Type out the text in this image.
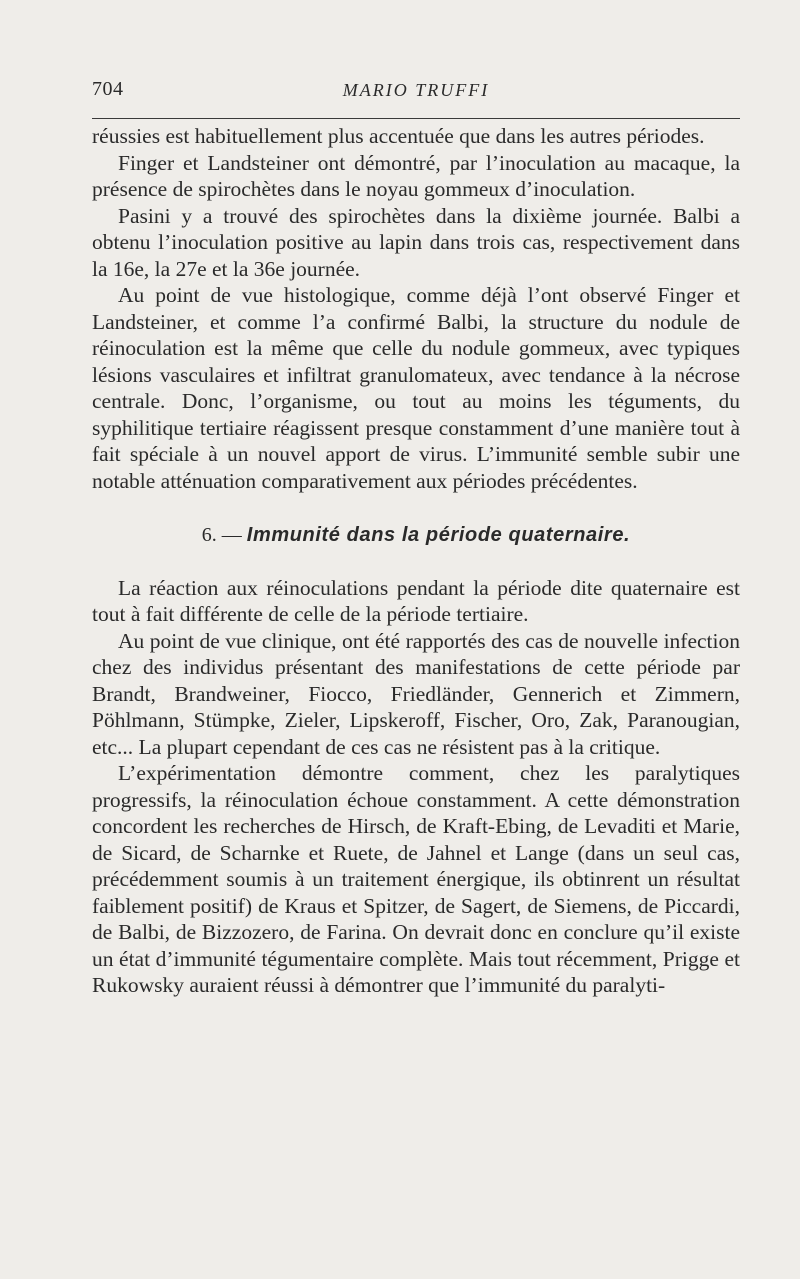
704	MARIO TRUFFI

réussies est habituellement plus accentuée que dans les autres périodes.

Finger et Landsteiner ont démontré, par l’inoculation au macaque, la présence de spirochètes dans le noyau gommeux d’inoculation.

Pasini y a trouvé des spirochètes dans la dixième journée. Balbi a obtenu l’inoculation positive au lapin dans trois cas, respectivement dans la 16e, la 27e et la 36e journée.

Au point de vue histologique, comme déjà l’ont observé Finger et Landsteiner, et comme l’a confirmé Balbi, la structure du nodule de réinoculation est la même que celle du nodule gommeux, avec typiques lésions vasculaires et infiltrat granulomateux, avec tendance à la nécrose centrale. Donc, l’organisme, ou tout au moins les téguments, du syphilitique tertiaire réagissent presque constamment d’une manière tout à fait spéciale à un nouvel apport de virus. L’immunité semble subir une notable atténuation comparativement aux périodes précédentes.

6. — Immunité dans la période quaternaire.

La réaction aux réinoculations pendant la période dite quaternaire est tout à fait différente de celle de la période tertiaire.

Au point de vue clinique, ont été rapportés des cas de nouvelle infection chez des individus présentant des manifestations de cette période par Brandt, Brandweiner, Fiocco, Friedländer, Gennerich et Zimmern, Pöhlmann, Stümpke, Zieler, Lipskeroff, Fischer, Oro, Zak, Paranougian, etc... La plupart cependant de ces cas ne résistent pas à la critique.

L’expérimentation démontre comment, chez les paralytiques progressifs, la réinoculation échoue constamment. A cette démonstration concordent les recherches de Hirsch, de Kraft-Ebing, de Levaditi et Marie, de Sicard, de Scharnke et Ruete, de Jahnel et Lange (dans un seul cas, précédemment soumis à un traitement énergique, ils obtinrent un résultat faiblement positif) de Kraus et Spitzer, de Sagert, de Siemens, de Piccardi, de Balbi, de Bizzozero, de Farina. On devrait donc en conclure qu’il existe un état d’immunité tégumentaire complète. Mais tout récemment, Prigge et Rukowsky auraient réussi à démontrer que l’immunité du paralyti-
